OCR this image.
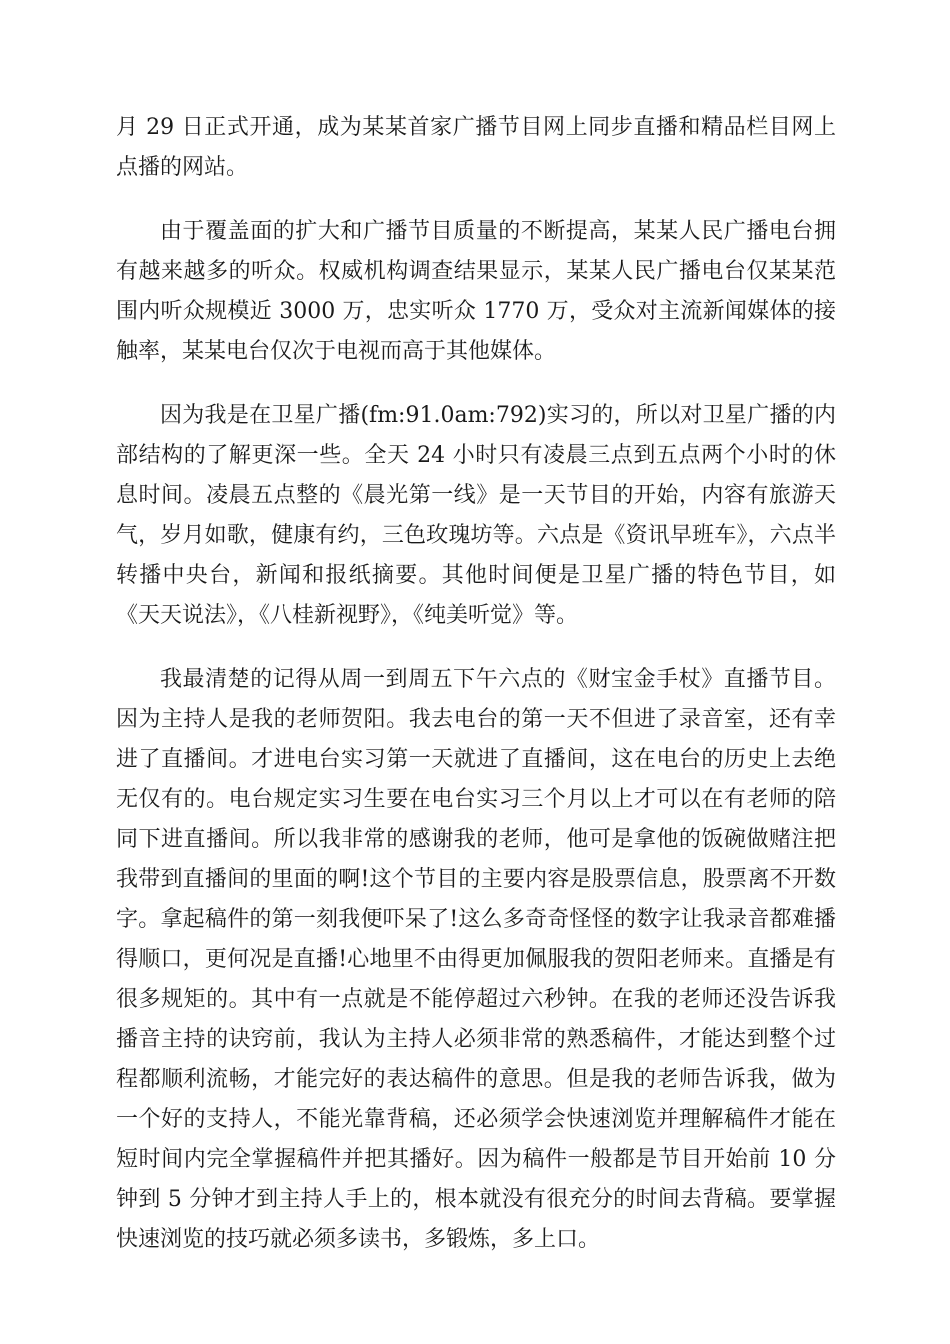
月 29 日正式开通，成为某某首家广播节目网上同步直播和精品栏目网上点播的网站。

由于覆盖面的扩大和广播节目质量的不断提高，某某人民广播电台拥有越来越多的听众。权威机构调查结果显示，某某人民广播电台仅某某范围内听众规模近 3000 万，忠实听众 1770 万，受众对主流新闻媒体的接触率，某某电台仅次于电视而高于其他媒体。

因为我是在卫星广播(fm:91.0am:792)实习的，所以对卫星广播的内部结构的了解更深一些。全天 24 小时只有凌晨三点到五点两个小时的休息时间。凌晨五点整的《晨光第一线》是一天节目的开始，内容有旅游天气，岁月如歌，健康有约，三色玫瑰坊等。六点是《资讯早班车》，六点半转播中央台，新闻和报纸摘要。其他时间便是卫星广播的特色节目，如《天天说法》，《八桂新视野》，《纯美听觉》等。

我最清楚的记得从周一到周五下午六点的《财宝金手杖》直播节目。因为主持人是我的老师贺阳。我去电台的第一天不但进了录音室，还有幸进了直播间。才进电台实习第一天就进了直播间，这在电台的历史上去绝无仅有的。电台规定实习生要在电台实习三个月以上才可以在有老师的陪同下进直播间。所以我非常的感谢我的老师，他可是拿他的饭碗做赌注把我带到直播间的里面的啊!这个节目的主要内容是股票信息，股票离不开数字。拿起稿件的第一刻我便吓呆了!这么多奇奇怪怪的数字让我录音都难播得顺口，更何况是直播!心地里不由得更加佩服我的贺阳老师来。直播是有很多规矩的。其中有一点就是不能停超过六秒钟。在我的老师还没告诉我播音主持的诀窍前，我认为主持人必须非常的熟悉稿件，才能达到整个过程都顺利流畅，才能完好的表达稿件的意思。但是我的老师告诉我，做为一个好的支持人，不能光靠背稿，还必须学会快速浏览并理解稿件才能在短时间内完全掌握稿件并把其播好。因为稿件一般都是节目开始前 10 分钟到 5 分钟才到主持人手上的，根本就没有很充分的时间去背稿。要掌握快速浏览的技巧就必须多读书，多锻炼，多上口。
